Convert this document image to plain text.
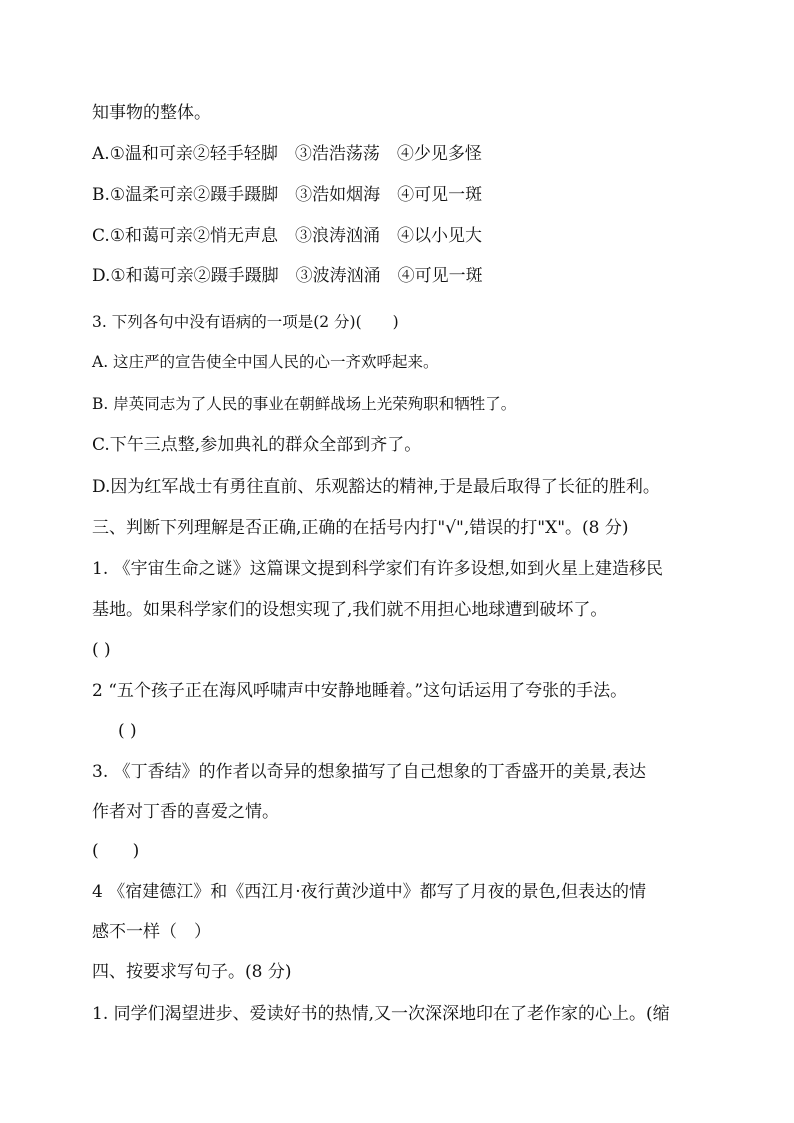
知事物的整体。
A.①温和可亲②轻手轻脚　③浩浩荡荡　④少见多怪
B.①温柔可亲②蹑手蹑脚　③浩如烟海　④可见一斑
C.①和蔼可亲②悄无声息　③浪涛汹涌　④以小见大
D.①和蔼可亲②蹑手蹑脚　③波涛汹涌　④可见一斑
3. 下列各句中没有语病的一项是(2 分)(　　)
A. 这庄严的宣告使全中国人民的心一齐欢呼起来。
B. 岸英同志为了人民的事业在朝鲜战场上光荣殉职和牺牲了。
C.下午三点整,参加典礼的群众全部到齐了。
D.因为红军战士有勇往直前、乐观豁达的精神,于是最后取得了长征的胜利。
三、判断下列理解是否正确,正确的在括号内打"√",错误的打"X"。(8 分)
1. 《宇宙生命之谜》这篇课文提到科学家们有许多设想,如到火星上建造移民
基地。如果科学家们的设想实现了,我们就不用担心地球遭到破坏了。
( )
2 “五个孩子正在海风呼啸声中安静地睡着。”这句话运用了夸张的手法。
( )
3. 《丁香结》的作者以奇异的想象描写了自己想象的丁香盛开的美景,表达
作者对丁香的喜爱之情。
(　　)
4 《宿建德江》和《西江月·夜行黄沙道中》都写了月夜的景色,但表达的情
感不一样（　）
四、按要求写句子。(8 分)
1. 同学们渴望进步、爱读好书的热情,又一次深深地印在了老作家的心上。(缩
